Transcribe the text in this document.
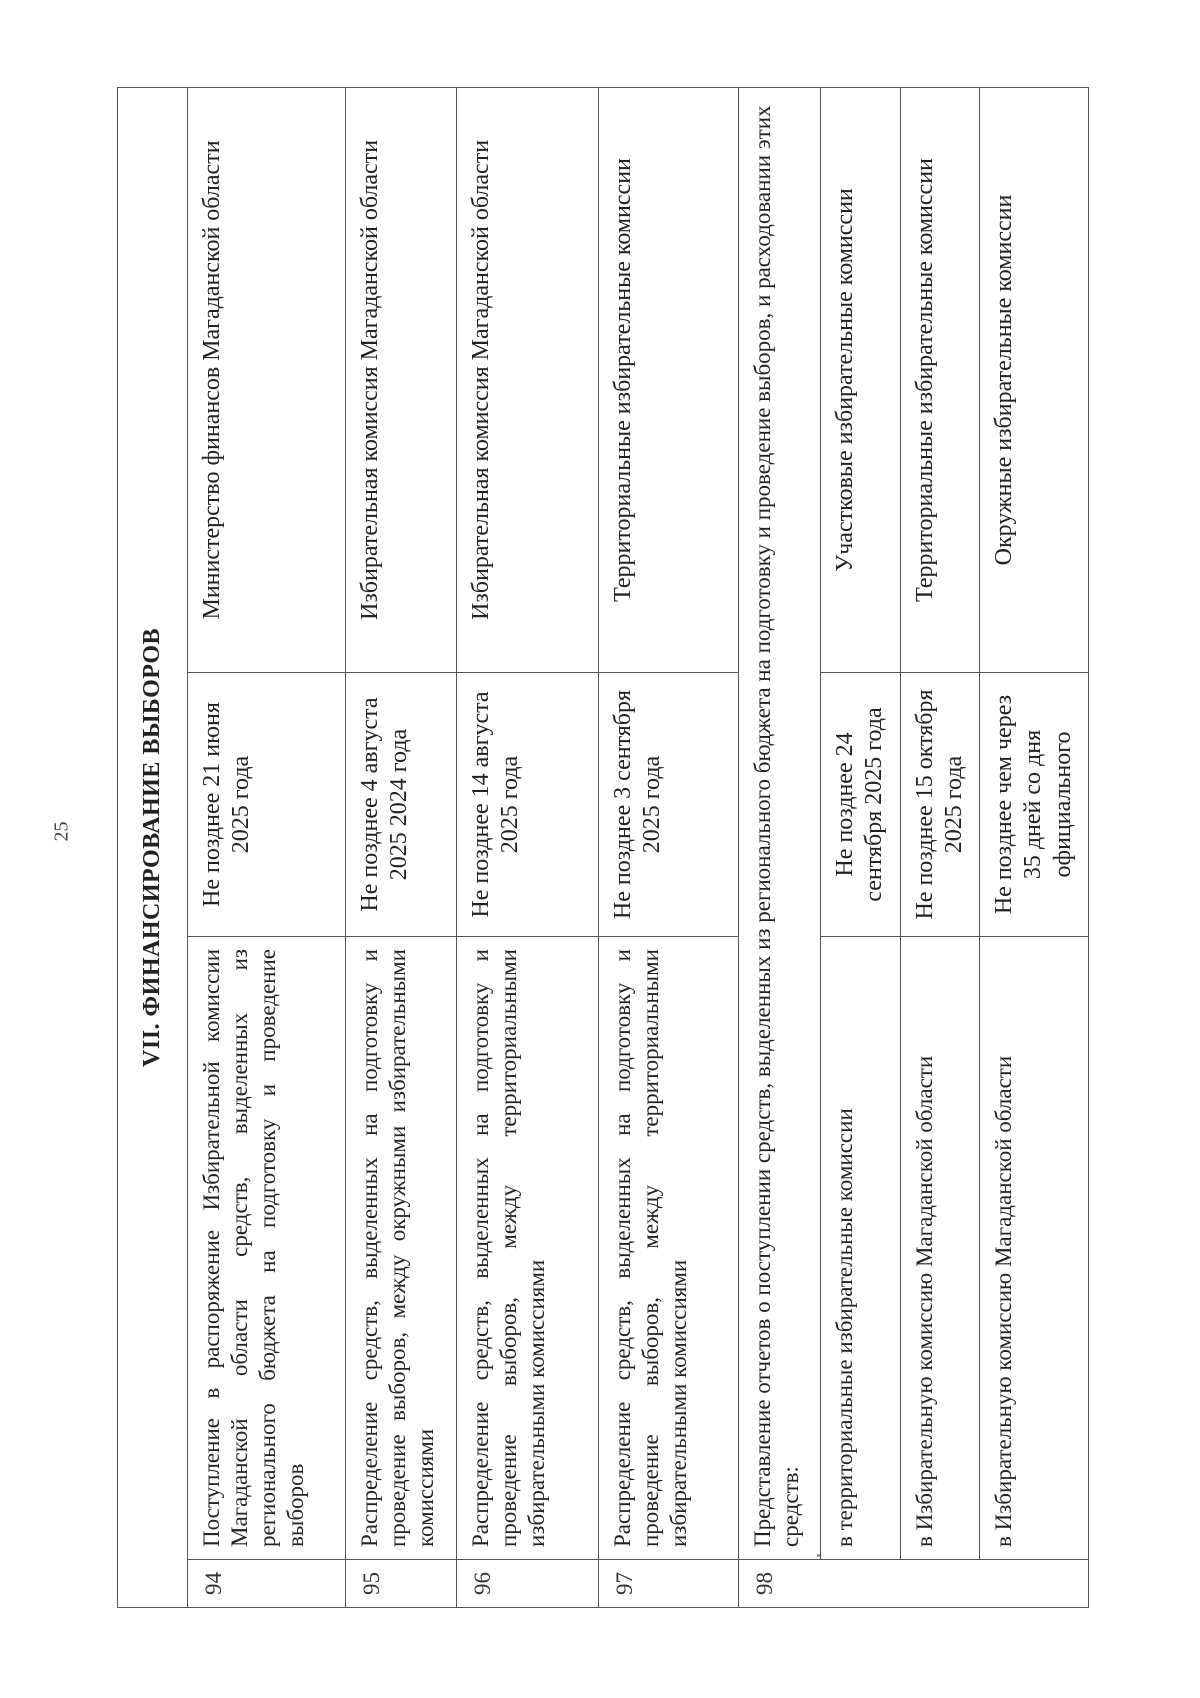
25	VII. ФИНАНСИРОВАНИЕ ВЫБОРОВ			
94	Поступление в распоряжение Избирательной комиссии Магаданской области средств, выделенных из регионального бюджета на подготовку и проведение выборов	Не позднее 21 июня 2025 года	Министерство финансов Магаданской области
95	Распределение средств, выделенных на подготовку и проведение выборов, между окружными избирательными комиссиями	Не позднее 4 августа 2025 2024 года	Избирательная комиссия Магаданской области
96	Распределение средств, выделенных на подготовку и проведение выборов, между территориальными избирательными комиссиями	Не позднее 14 августа 2025 года	Избирательная комиссия Магаданской области
97	Распределение средств, выделенных на подготовку и проведение выборов, между территориальными избирательными комиссиями	Не позднее 3 сентября 2025 года	Территориальные избирательные комиссии
98	Представление отчетов о поступлении средств, выделенных из регионального бюджета на подготовку и проведение выборов, и расходовании этих средств:		
	в территориальные избирательные комиссии	Не позднее 24 сентября 2025 года	Участковые избирательные комиссии
	в Избирательную комиссию Магаданской области	Не позднее 15 октября 2025 года	Территориальные избирательные комиссии
	в Избирательную комиссию Магаданской области	Не позднее чем через 35 дней со дня официального	Окружные избирательные комиссии
